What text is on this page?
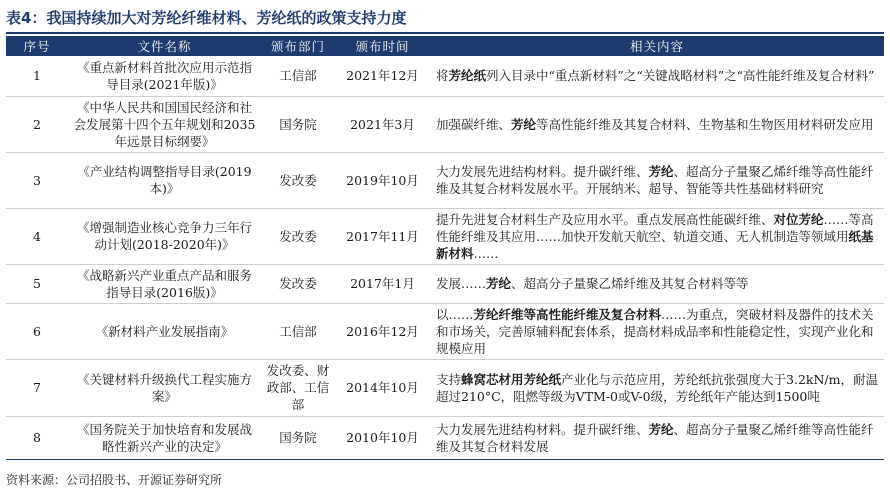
表4：我国持续加大对芳纶纤维材料、芳纶纸的政策支持力度
序号	文件名称	颁布部门	颁布时间	相关内容
1	《重点新材料首批次应用示范指导目录(2021年版)》	工信部	2021年12月	将芳纶纸列入目录中“重点新材料”之“关键战略材料”之“高性能纤维及复合材料”
2	《中华人民共和国国民经济和社会发展第十四个五年规划和2035年远景目标纲要》	国务院	2021年3月	加强碳纤维、芳纶等高性能纤维及其复合材料、生物基和生物医用材料研发应用
3	《产业结构调整指导目录(2019本)》	发改委	2019年10月	大力发展先进结构材料。提升碳纤维、芳纶、超高分子量聚乙烯纤维等高性能纤维及其复合材料发展水平。开展纳米、超导、智能等共性基础材料研究
4	《增强制造业核心竞争力三年行动计划(2018-2020年)》	发改委	2017年11月	提升先进复合材料生产及应用水平。重点发展高性能碳纤维、对位芳纶……等高性能纤维及其应用……加快开发航天航空、轨道交通、无人机制造等领域用纸基新材料……
5	《战略新兴产业重点产品和服务指导目录(2016版)》	发改委	2017年1月	发展……芳纶、超高分子量聚乙烯纤维及其复合材料等等
6	《新材料产业发展指南》	工信部	2016年12月	以……芳纶纤维等高性能纤维及复合材料……为重点，突破材料及器件的技术关和市场关，完善原辅料配套体系，提高材料成品率和性能稳定性，实现产业化和规模应用
7	《关键材料升级换代工程实施方案》	发改委、财政部、工信部	2014年10月	支持蜂窝芯材用芳纶纸产业化与示范应用，芳纶纸抗张强度大于3.2kN/m，耐温超过210°C，阻燃等级为VTM-0或V-0级，芳纶纸年产能达到1500吨
8	《国务院关于加快培育和发展战略性新兴产业的决定》	国务院	2010年10月	大力发展先进结构材料。提升碳纤维、芳纶、超高分子量聚乙烯纤维等高性能纤维及其复合材料发展
资料来源：公司招股书、开源证券研究所
